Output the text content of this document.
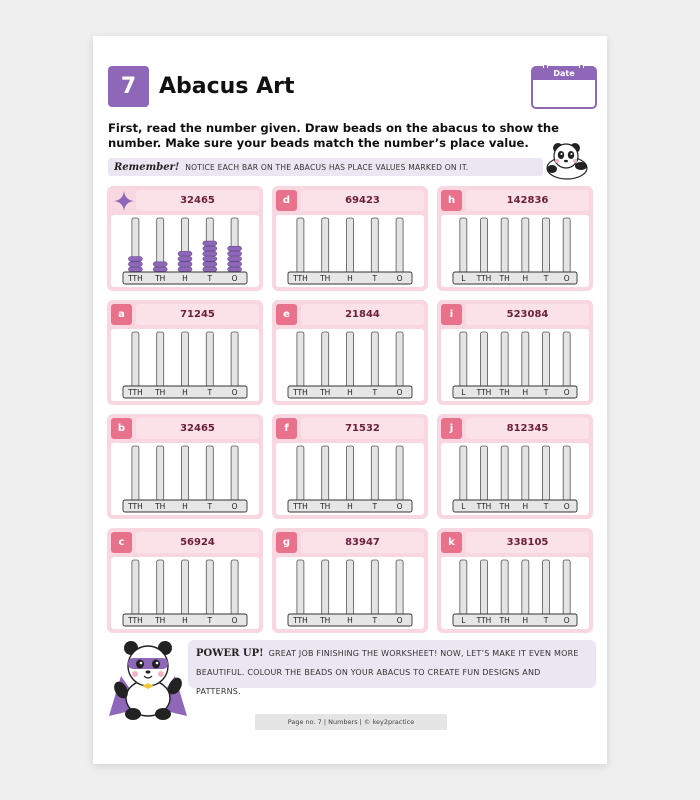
7	Abacus Art
Date
First, read the number given. Draw beads on the abacus to show the number. Make sure your beads match the number’s place value.
Remember! NOTICE EACH BAR ON THE ABACUS HAS PLACE VALUES MARKED ON IT.
32465
TTH TH H	T	O
d	69423
TTH TH H	T	O
h	142836
L TTH TH H T O
a	71245
TTH TH H	T	O
e	21844
TTH TH H	T	O
i	523084
L TTH TH H T O
b	32465
TTH TH H	T	O
f	71532
TTH TH H	T	O
j	812345
L TTH TH H T O
c	56924
TTH TH H	T	O
g	83947
TTH TH H	T	O
k	338105
L TTH TH H T O
POWER UP! GREAT JOB FINISHING THE WORKSHEET! NOW, LET’S MAKE IT EVEN MORE BEAUTIFUL. COLOUR THE BEADS ON YOUR ABACUS TO CREATE FUN DESIGNS AND PATTERNS.
Page no. 7 | Numbers | © key2practice
